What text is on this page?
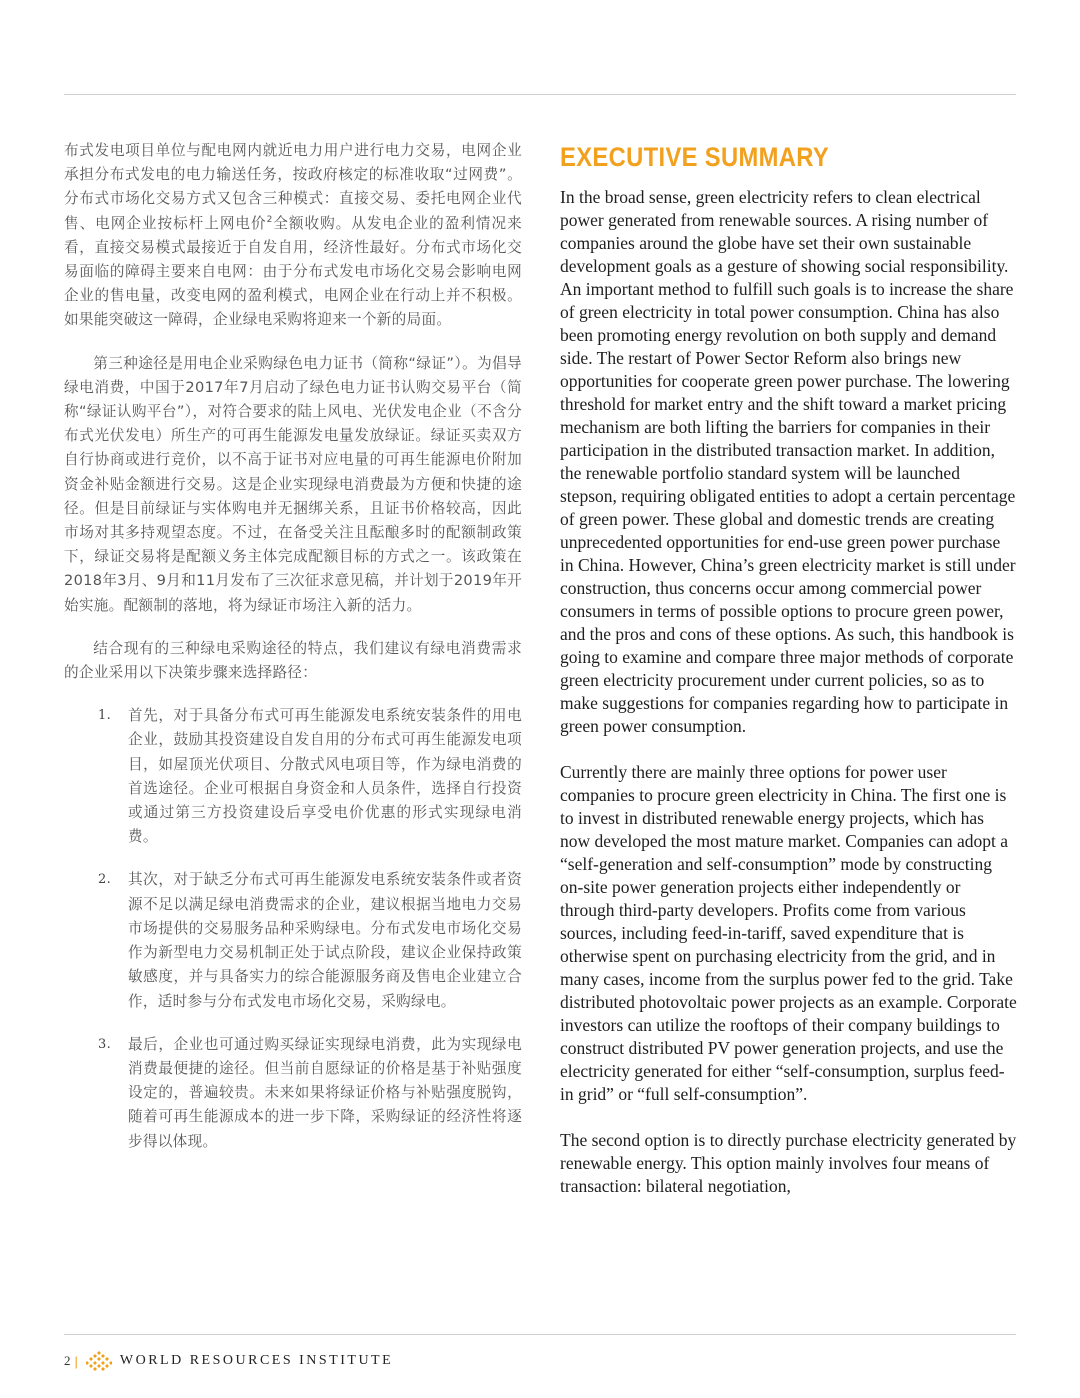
布式发电项目单位与配电网内就近电力用户进行电力交易，电网企业承担分布式发电的电力输送任务，按政府核定的标准收取“过网费”。分布式市场化交易方式又包含三种模式：直接交易、委托电网企业代售、电网企业按标杆上网电价$^2$全额收购。从发电企业的盈利情况来看，直接交易模式最接近于自发自用，经济性最好。分布式市场化交易面临的障碍主要来自电网：由于分布式发电市场化交易会影响电网企业的售电量，改变电网的盈利模式，电网企业在行动上并不积极。如果能突破这一障碍，企业绿电采购将迎来一个新的局面。

第三种途径是用电企业采购绿色电力证书（简称“绿证”）。为倡导绿电消费，中国于2017年7月启动了绿色电力证书认购交易平台（简称“绿证认购平台”），对符合要求的陆上风电、光伏发电企业（不含分布式光伏发电）所生产的可再生能源发电量发放绿证。绿证买卖双方自行协商或进行竞价，以不高于证书对应电量的可再生能源电价附加资金补贴金额进行交易。这是企业实现绿电消费最为方便和快捷的途径。但是目前绿证与实体购电并无捆绑关系，且证书价格较高，因此市场对其多持观望态度。不过，在备受关注且酝酿多时的配额制政策下，绿证交易将是配额义务主体完成配额目标的方式之一。该政策在2018年3月、9月和11月发布了三次征求意见稿，并计划于2019年开始实施。配额制的落地，将为绿证市场注入新的活力。

结合现有的三种绿电采购途径的特点，我们建议有绿电消费需求的企业采用以下决策步骤来选择路径：

1. 首先，对于具备分布式可再生能源发电系统安装条件的用电企业，鼓励其投资建设自发自用的分布式可再生能源发电项目，如屋顶光伏项目、分散式风电项目等，作为绿电消费的首选途径。企业可根据自身资金和人员条件，选择自行投资或通过第三方投资建设后享受电价优惠的形式实现绿电消费。
2. 其次，对于缺乏分布式可再生能源发电系统安装条件或者资源不足以满足绿电消费需求的企业，建议根据当地电力交易市场提供的交易服务品种采购绿电。分布式发电市场化交易作为新型电力交易机制正处于试点阶段，建议企业保持政策敏感度，并与具备实力的综合能源服务商及售电企业建立合作，适时参与分布式发电市场化交易，采购绿电。
3. 最后，企业也可通过购买绿证实现绿电消费，此为实现绿电消费最便捷的途径。但当前自愿绿证的价格是基于补贴强度设定的，普遍较贵。未来如果将绿证价格与补贴强度脱钩，随着可再生能源成本的进一步下降，采购绿证的经济性将逐步得以体现。
EXECUTIVE SUMMARY

In the broad sense, green electricity refers to clean electrical power generated from renewable sources. A rising number of companies around the globe have set their own sustainable development goals as a gesture of showing social responsibility. An important method to fulfill such goals is to increase the share of green electricity in total power consumption. China has also been promoting energy revolution on both supply and demand side. The restart of Power Sector Reform also brings new opportunities for cooperate green power purchase. The lowering threshold for market entry and the shift toward a market pricing mechanism are both lifting the barriers for companies in their participation in the distributed transaction market. In addition, the renewable portfolio standard system will be launched stepson, requiring obligated entities to adopt a certain percentage of green power. These global and domestic trends are creating unprecedented opportunities for end-use green power purchase in China. However, China’s green electricity market is still under construction, thus concerns occur among commercial power consumers in terms of possible options to procure green power, and the pros and cons of these options. As such, this handbook is going to examine and compare three major methods of corporate green electricity procurement under current policies, so as to make suggestions for companies regarding how to participate in green power consumption.

Currently there are mainly three options for power user companies to procure green electricity in China. The first one is to invest in distributed renewable energy projects, which has now developed the most mature market. Companies can adopt a “self-generation and self-consumption” mode by constructing on-site power generation projects either independently or through third-party developers. Profits come from various sources, including feed-in-tariff, saved expenditure that is otherwise spent on purchasing electricity from the grid, and in many cases, income from the surplus power fed to the grid. Take distributed photovoltaic power projects as an example. Corporate investors can utilize the rooftops of their company buildings to construct distributed PV power generation projects, and use the electricity generated for either “self-consumption, surplus feed-in grid” or “full self-consumption”.

The second option is to directly purchase electricity generated by renewable energy. This option mainly involves four means of transaction: bilateral negotiation,

2 |	WORLD RESOURCES INSTITUTE
